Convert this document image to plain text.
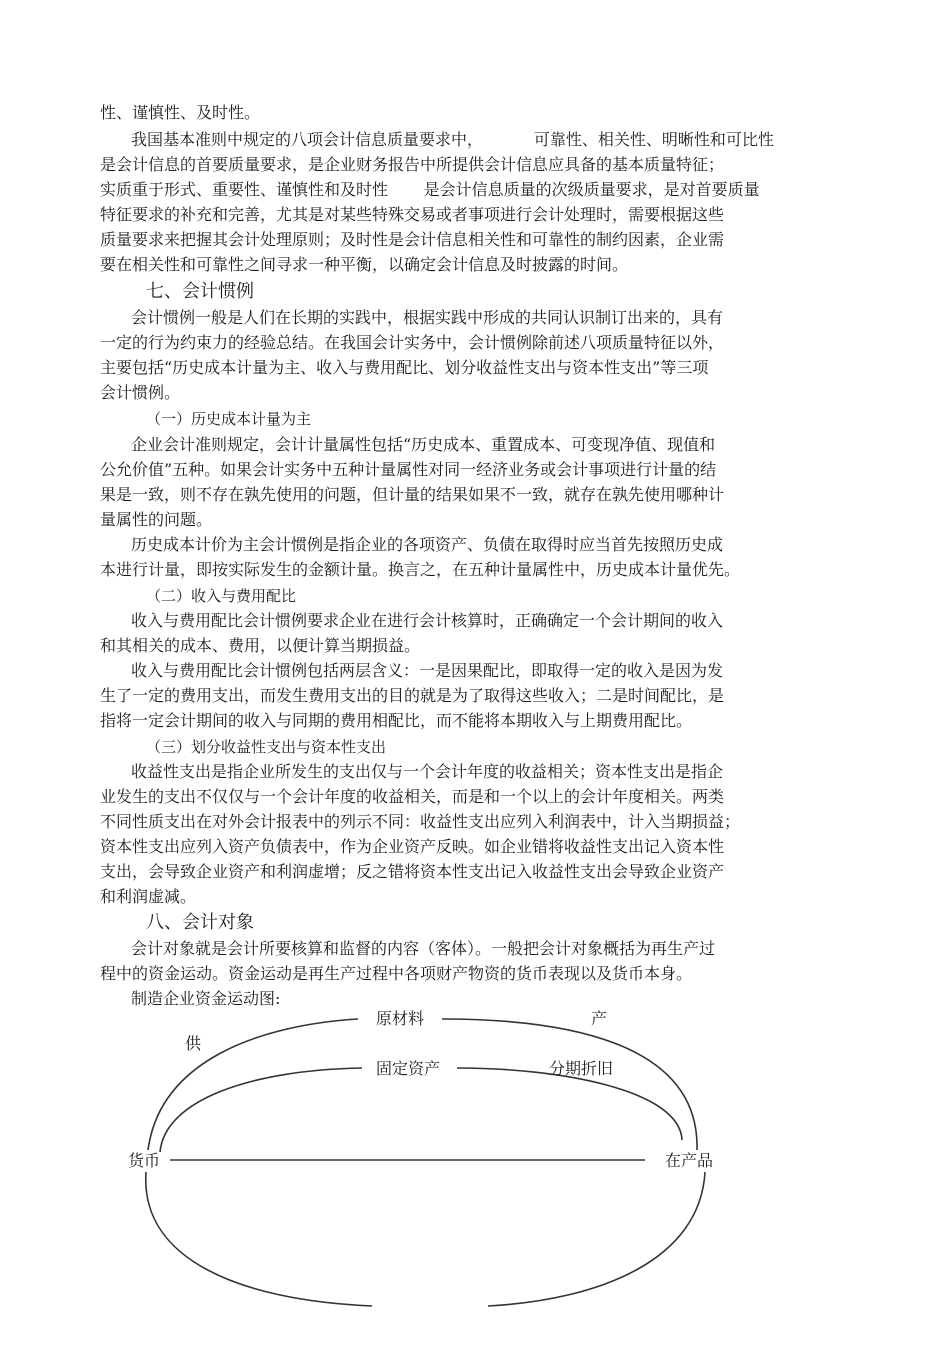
性、谨慎性、及时性。
我国基本准则中规定的八项会计信息质量要求中，          可靠性、相关性、明晰性和可比性
是会计信息的首要质量要求，是企业财务报告中所提供会计信息应具备的基本质量特征；
实质重于形式、重要性、谨慎性和及时性       是会计信息质量的次级质量要求，是对首要质量
特征要求的补充和完善，尤其是对某些特殊交易或者事项进行会计处理时，需要根据这些
质量要求来把握其会计处理原则；及时性是会计信息相关性和可靠性的制约因素，企业需
要在相关性和可靠性之间寻求一种平衡，以确定会计信息及时披露的时间。
七、会计惯例
会计惯例一般是人们在长期的实践中，根据实践中形成的共同认识制订出来的，具有
一定的行为约束力的经验总结。在我国会计实务中，会计惯例除前述八项质量特征以外，
主要包括“历史成本计量为主、收入与费用配比、划分收益性支出与资本性支出”等三项
会计惯例。
（一）历史成本计量为主
企业会计准则规定，会计计量属性包括“历史成本、重置成本、可变现净值、现值和
公允价值”五种。如果会计实务中五种计量属性对同一经济业务或会计事项进行计量的结
果是一致，则不存在孰先使用的问题，但计量的结果如果不一致，就存在孰先使用哪种计
量属性的问题。
历史成本计价为主会计惯例是指企业的各项资产、负债在取得时应当首先按照历史成
本进行计量，即按实际发生的金额计量。换言之，在五种计量属性中，历史成本计量优先。
（二）收入与费用配比
收入与费用配比会计惯例要求企业在进行会计核算时，正确确定一个会计期间的收入
和其相关的成本、费用，以便计算当期损益。
收入与费用配比会计惯例包括两层含义：一是因果配比，即取得一定的收入是因为发
生了一定的费用支出，而发生费用支出的目的就是为了取得这些收入；二是时间配比，是
指将一定会计期间的收入与同期的费用相配比，而不能将本期收入与上期费用配比。
（三）划分收益性支出与资本性支出
收益性支出是指企业所发生的支出仅与一个会计年度的收益相关；资本性支出是指企
业发生的支出不仅仅与一个会计年度的收益相关，而是和一个以上的会计年度相关。两类
不同性质支出在对外会计报表中的列示不同：收益性支出应列入利润表中，计入当期损益；
资本性支出应列入资产负债表中，作为企业资产反映。如企业错将收益性支出记入资本性
支出，会导致企业资产和利润虚增；反之错将资本性支出记入收益性支出会导致企业资产
和利润虚减。
八、会计对象
会计对象就是会计所要核算和监督的内容（客体）。一般把会计对象概括为再生产过
程中的资金运动。资金运动是再生产过程中各项财产物资的货币表现以及货币本身。
制造企业资金运动图:
原材料	产
供
固定资产	分期折旧
货币	在产品
